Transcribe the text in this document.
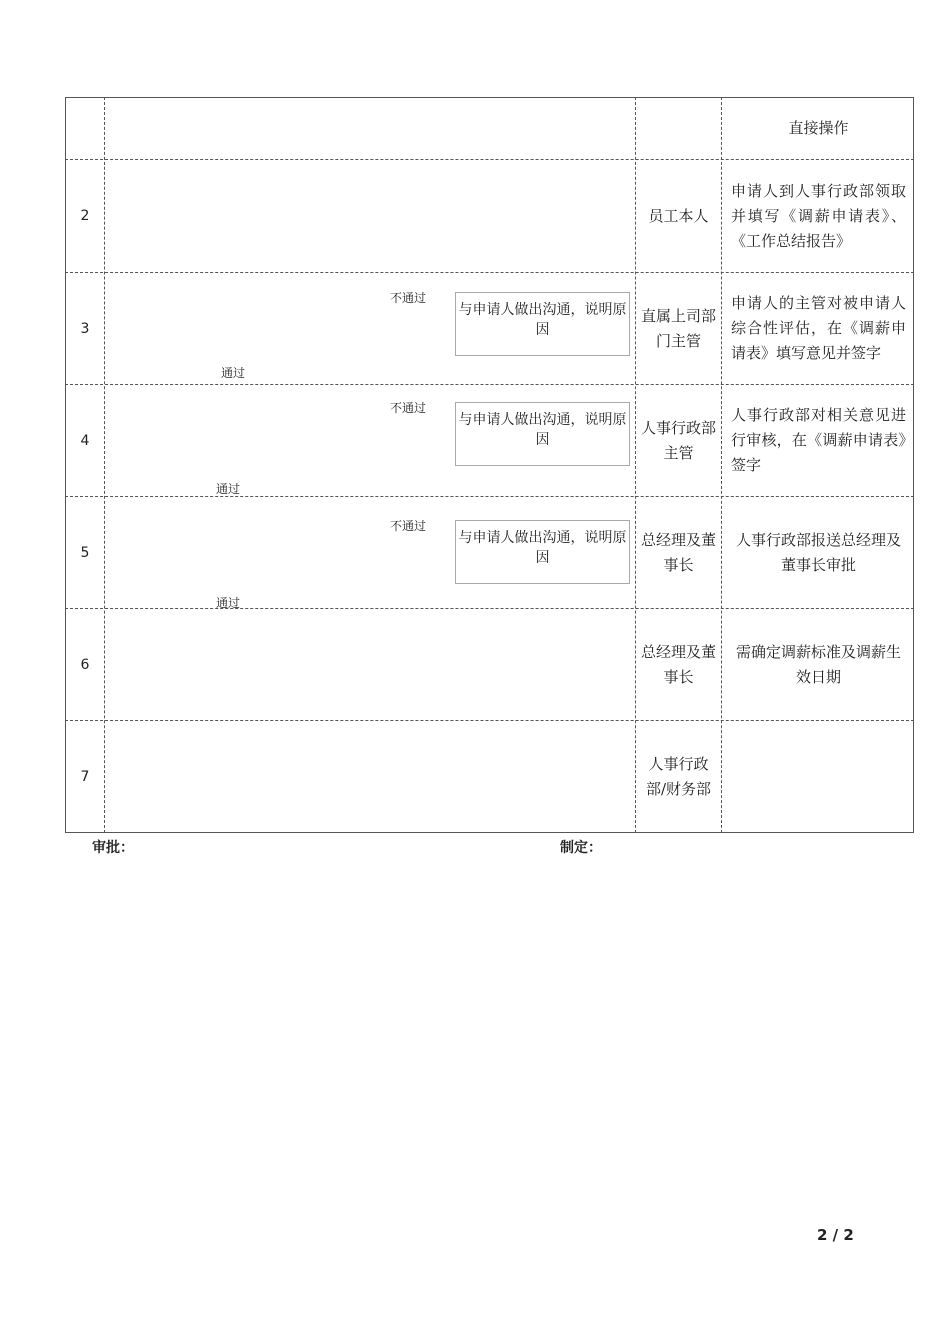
直接操作
2	员工本人
申请人到人事行政部领取并填写《调薪申请表》、《工作总结报告》
3
不通过
与申请人做出沟通，说明原因
通过
直属上司部门主管
申请人的主管对被申请人综合性评估，在《调薪申请表》填写意见并签字
4
不通过
与申请人做出沟通，说明原因
通过
人事行政部主管
人事行政部对相关意见进行审核，在《调薪申请表》签字
5
不通过
与申请人做出沟通，说明原因
通过
总经理及董事长
人事行政部报送总经理及董事长审批
6
总经理及董事长
需确定调薪标准及调薪生效日期
7
人事行政部/财务部
审批：	制定：
2 / 2
